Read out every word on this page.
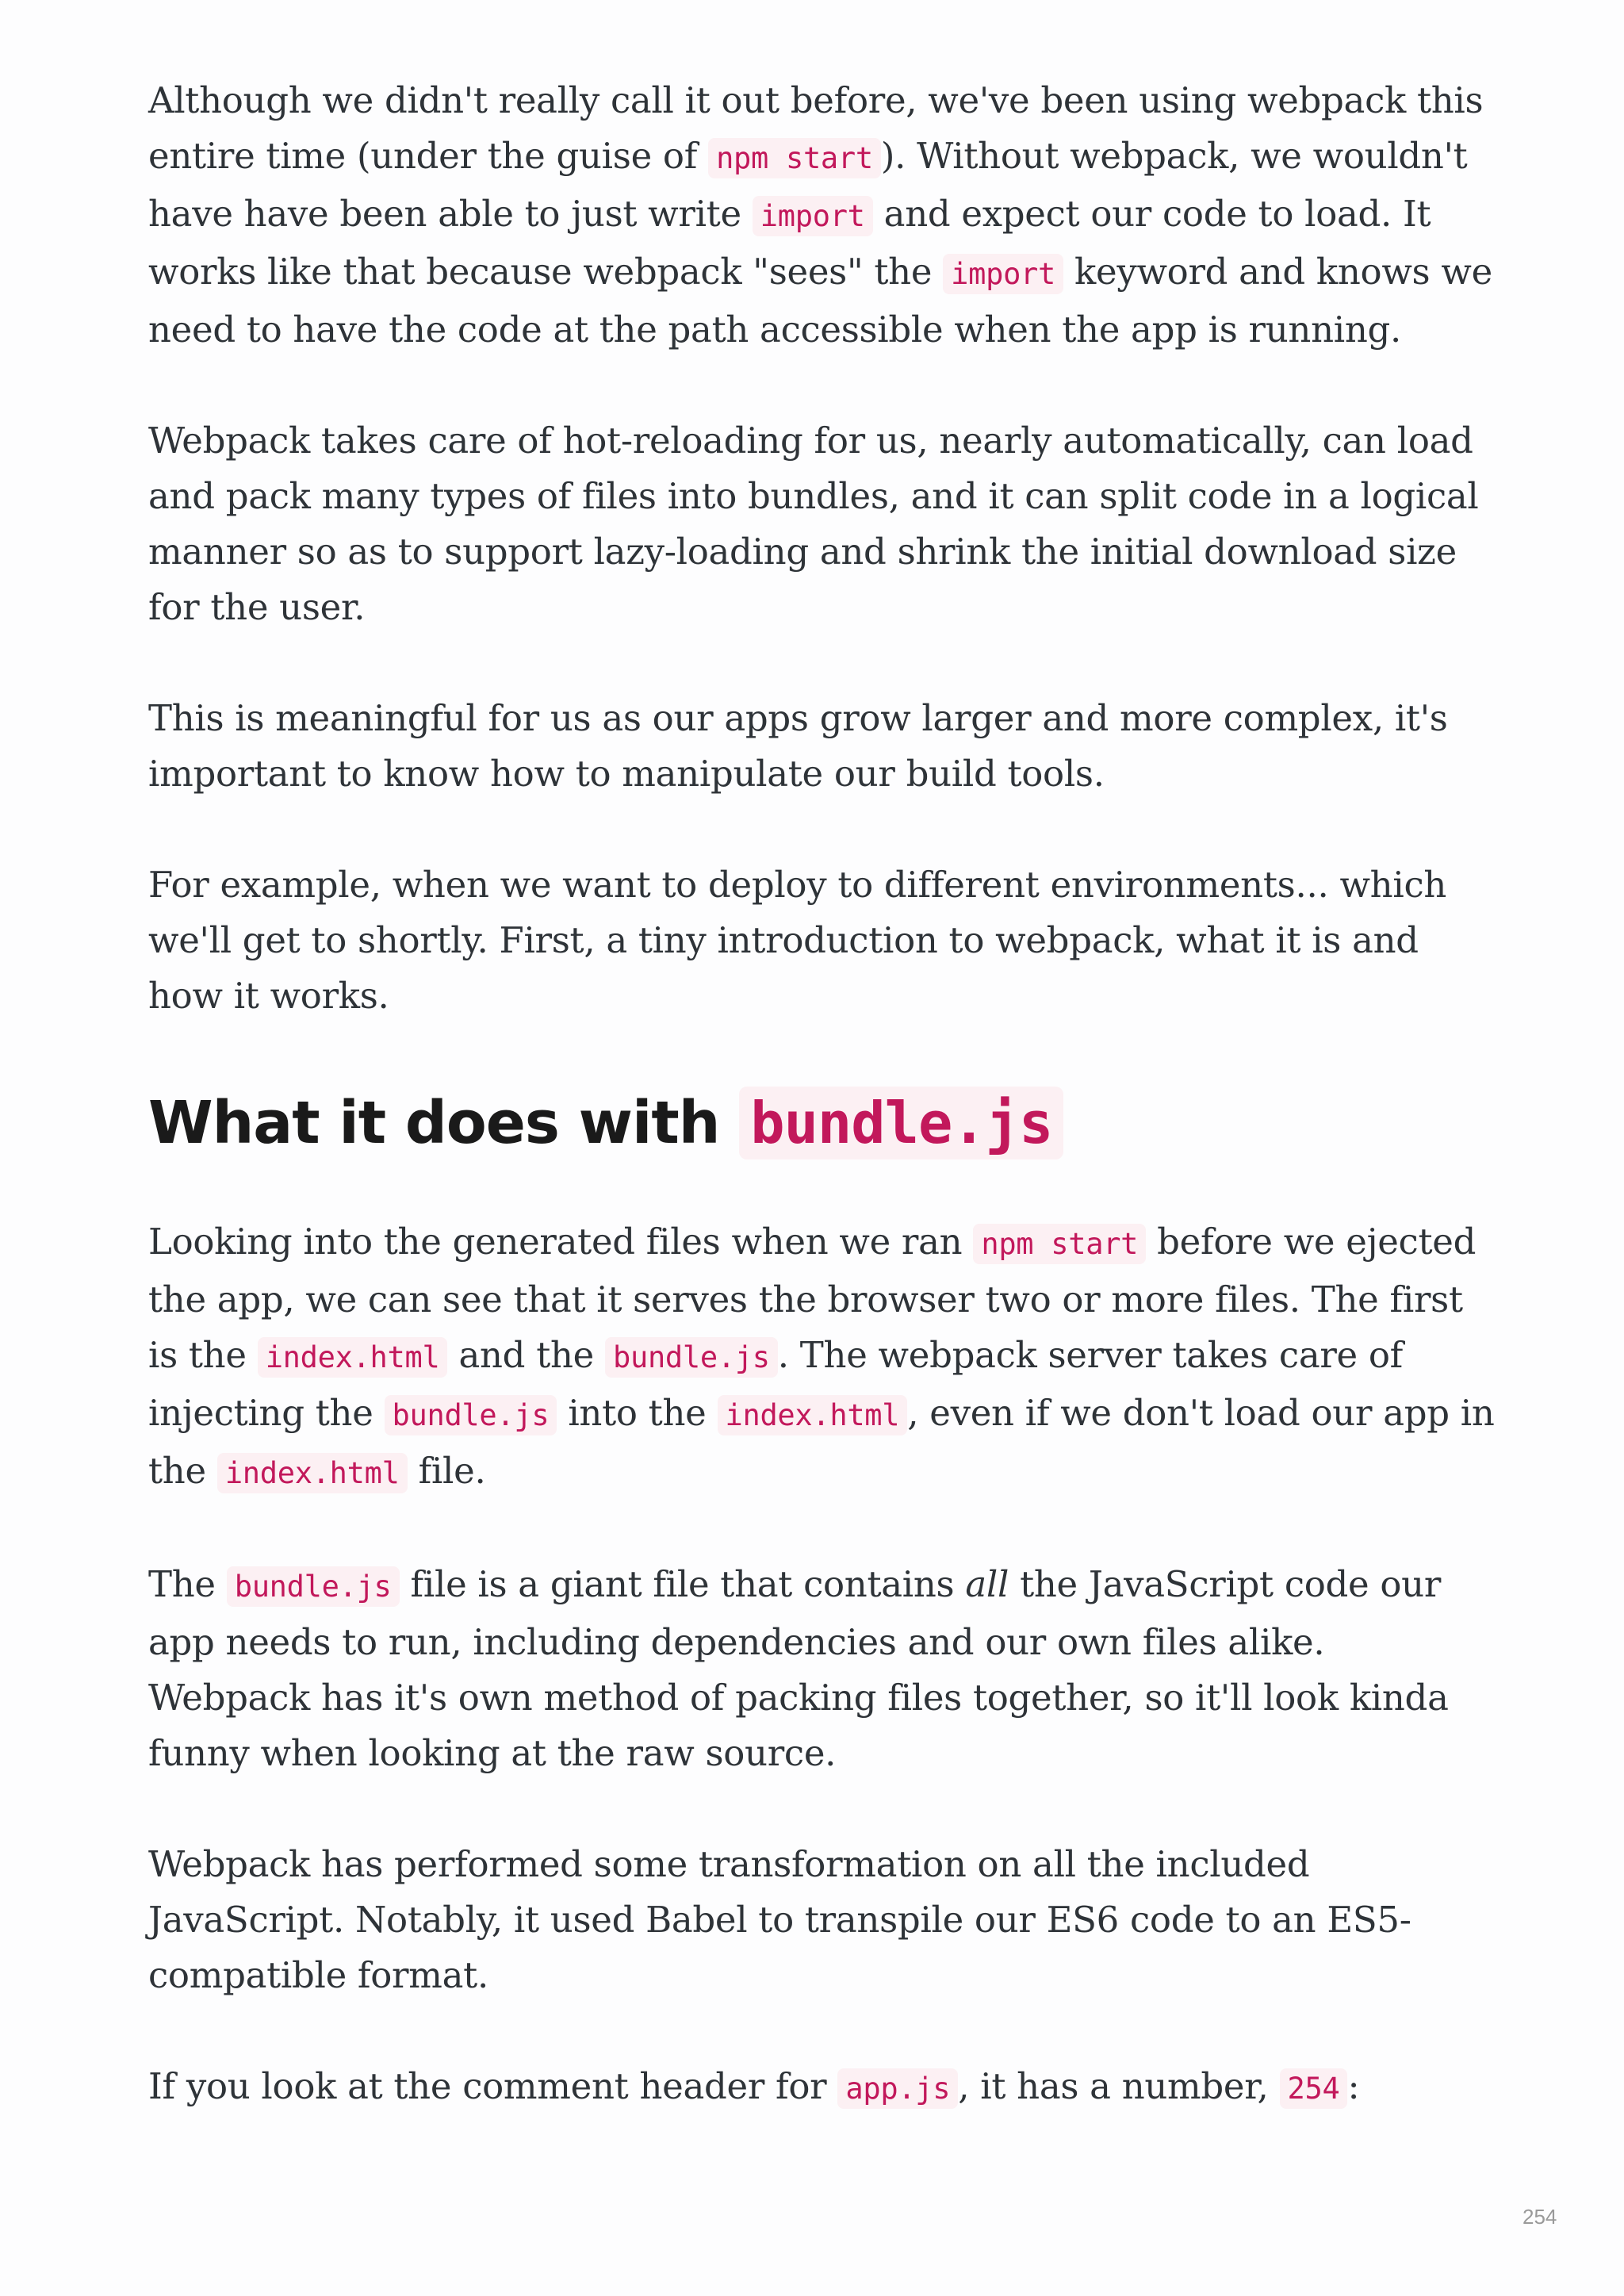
Although we didn't really call it out before, we've been using webpack this entire time (under the guise of npm start ). Without webpack, we wouldn't have have been able to just write import and expect our code to load. It works like that because webpack "sees" the import keyword and knows we need to have the code at the path accessible when the app is running.

Webpack takes care of hot-reloading for us, nearly automatically, can load and pack many types of files into bundles, and it can split code in a logical manner so as to support lazy-loading and shrink the initial download size for the user.

This is meaningful for us as our apps grow larger and more complex, it's important to know how to manipulate our build tools.

For example, when we want to deploy to different environments... which we'll get to shortly. First, a tiny introduction to webpack, what it is and how it works.

What it does with bundle.js

Looking into the generated files when we ran npm start before we ejected the app, we can see that it serves the browser two or more files. The first is the index.html and the bundle.js . The webpack server takes care of injecting the bundle.js into the index.html , even if we don't load our app in the index.html file.

The bundle.js file is a giant file that contains all the JavaScript code our app needs to run, including dependencies and our own files alike. Webpack has it's own method of packing files together, so it'll look kinda funny when looking at the raw source.

Webpack has performed some transformation on all the included JavaScript. Notably, it used Babel to transpile our ES6 code to an ES5-compatible format.

If you look at the comment header for app.js , it has a number, 254 :

254
